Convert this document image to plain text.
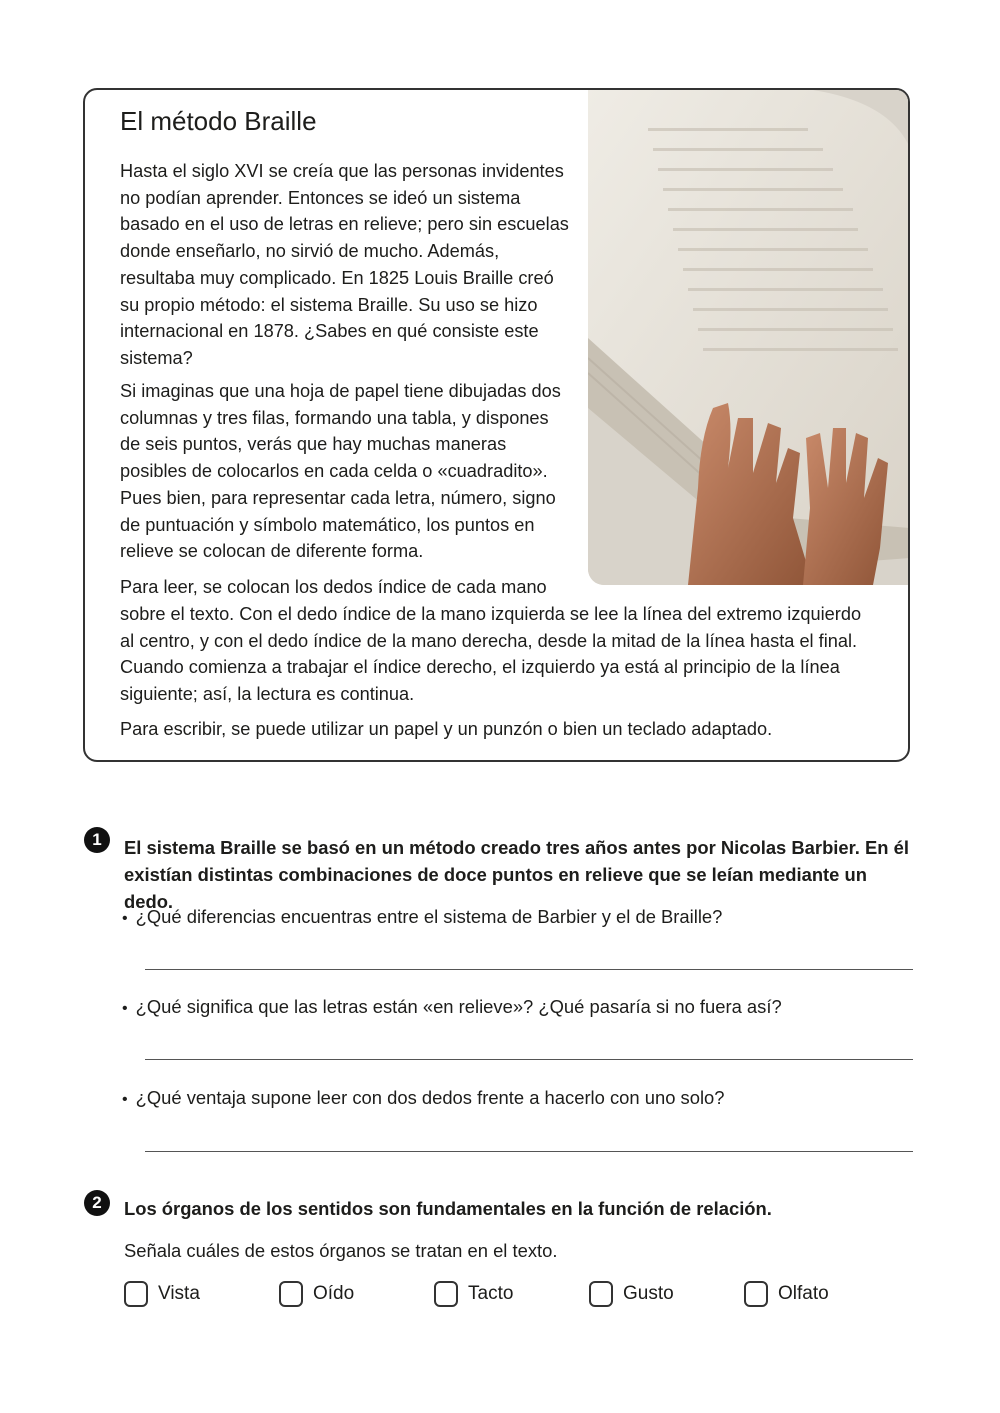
El método Braille

Hasta el siglo XVI se creía que las personas invidentes no podían aprender. Entonces se ideó un sistema basado en el uso de letras en relieve; pero sin escuelas donde enseñarlo, no sirvió de mucho. Además, resultaba muy complicado. En 1825 Louis Braille creó su propio método: el sistema Braille. Su uso se hizo internacional en 1878. ¿Sabes en qué consiste este sistema?

Si imaginas que una hoja de papel tiene dibujadas dos columnas y tres filas, formando una tabla, y dispones de seis puntos, verás que hay muchas maneras posibles de colocarlos en cada celda o «cuadradito». Pues bien, para representar cada letra, número, signo de puntuación y símbolo matemático, los puntos en relieve se colocan de diferente forma.

Para leer, se colocan los dedos índice de cada mano

sobre el texto. Con el dedo índice de la mano izquierda se lee la línea del extremo izquierdo al centro, y con el dedo índice de la mano derecha, desde la mitad de la línea hasta el final. Cuando comienza a trabajar el índice derecho, el izquierdo ya está al principio de la línea siguiente; así, la lectura es continua.

Para escribir, se puede utilizar un papel y un punzón o bien un teclado adaptado.

1	El sistema Braille se basó en un método creado tres años antes por Nicolas Barbier. En él existían distintas combinaciones de doce puntos en relieve que se leían mediante un dedo.

• ¿Qué diferencias encuentras entre el sistema de Barbier y el de Braille?
• ¿Qué significa que las letras están «en relieve»? ¿Qué pasaría si no fuera así?
• ¿Qué ventaja supone leer con dos dedos frente a hacerlo con uno solo?
2	Los órganos de los sentidos son fundamentales en la función de relación.

Señala cuáles de estos órganos se tratan en el texto.
Vista	Oído	Tacto	Gusto	Olfato
